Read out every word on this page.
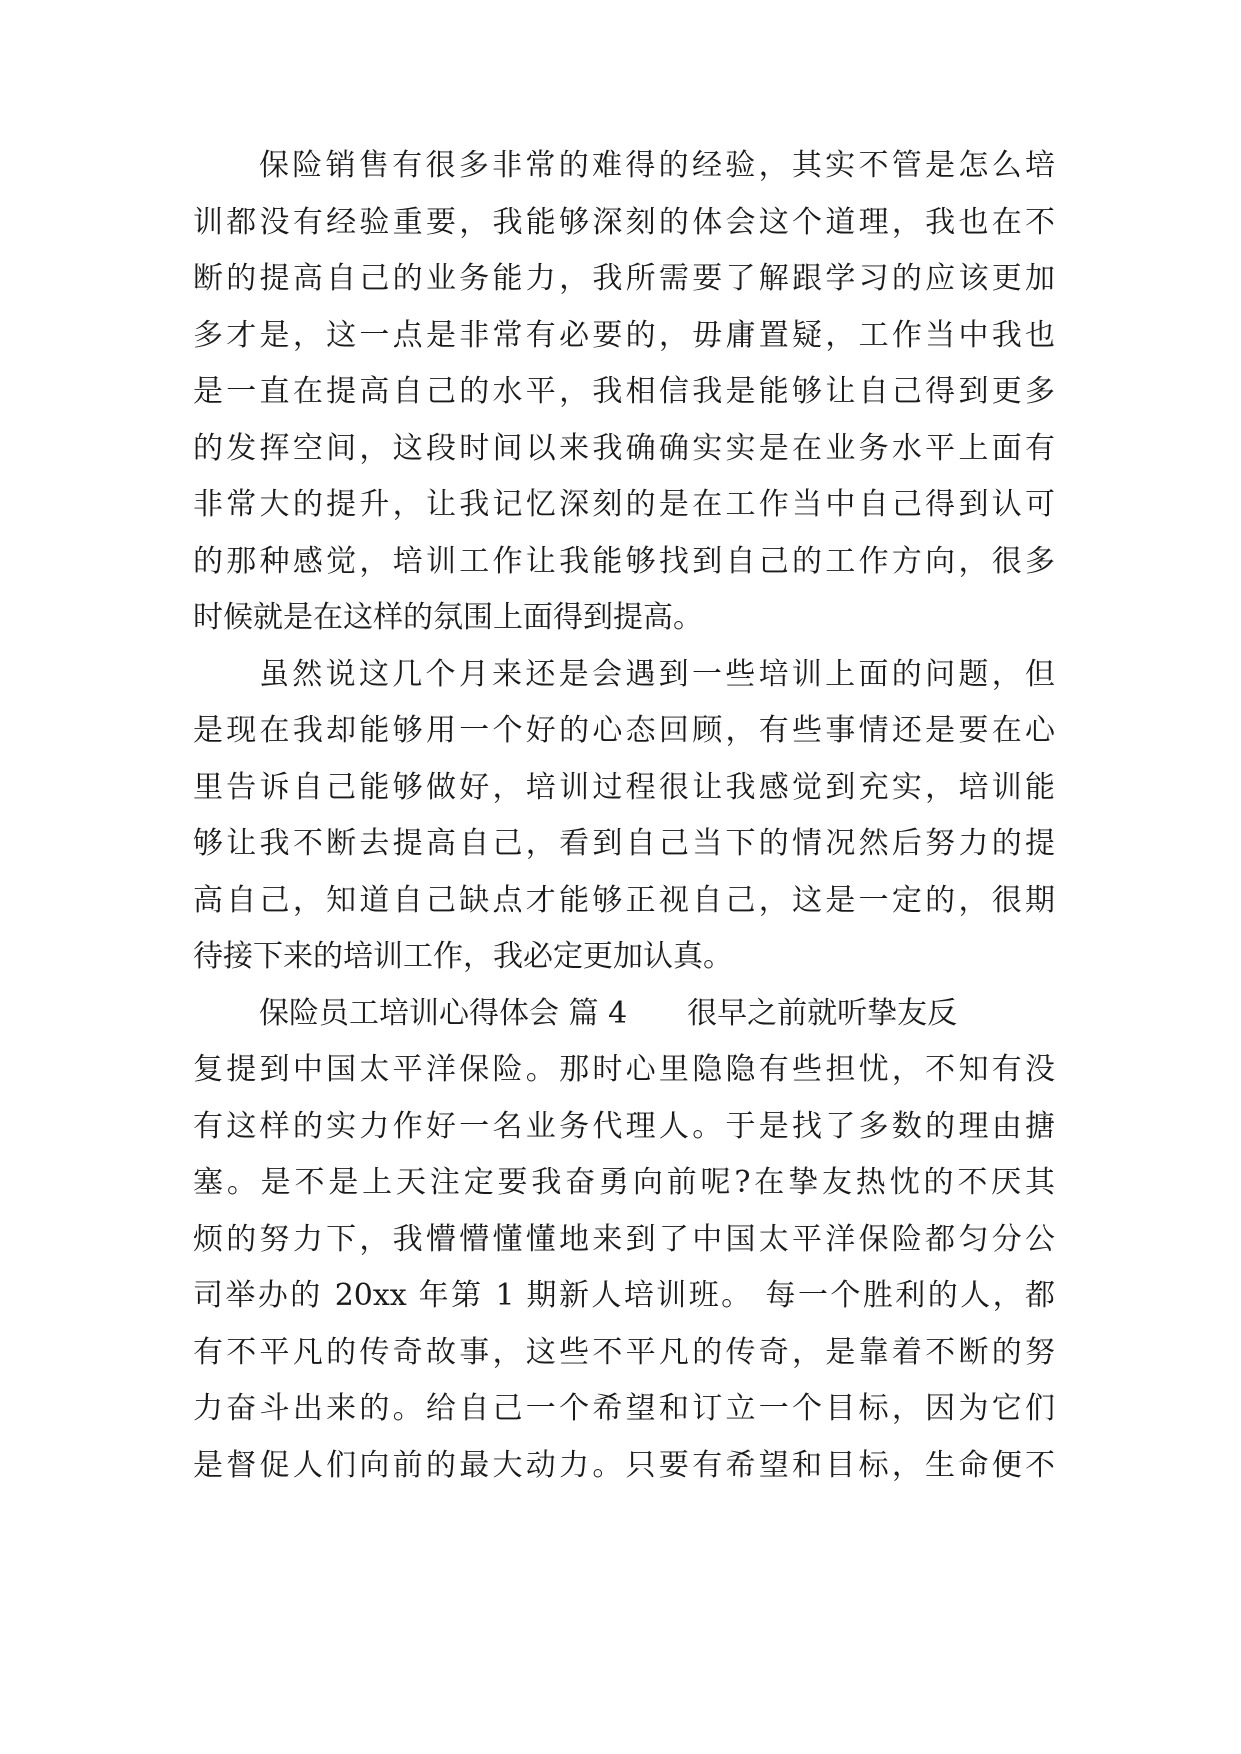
保险销售有很多非常的难得的经验，其实不管是怎么培
训都没有经验重要，我能够深刻的体会这个道理，我也在不
断的提高自己的业务能力，我所需要了解跟学习的应该更加
多才是，这一点是非常有必要的，毋庸置疑，工作当中我也
是一直在提高自己的水平，我相信我是能够让自己得到更多
的发挥空间，这段时间以来我确确实实是在业务水平上面有
非常大的提升，让我记忆深刻的是在工作当中自己得到认可
的那种感觉，培训工作让我能够找到自己的工作方向，很多
时候就是在这样的氛围上面得到提高。
虽然说这几个月来还是会遇到一些培训上面的问题，但
是现在我却能够用一个好的心态回顾，有些事情还是要在心
里告诉自己能够做好，培训过程很让我感觉到充实，培训能
够让我不断去提高自己，看到自己当下的情况然后努力的提
高自己，知道自己缺点才能够正视自己，这是一定的，很期
待接下来的培训工作，我必定更加认真。
保险员工培训心得体会 篇 4 很早之前就听挚友反
复提到中国太平洋保险。那时心里隐隐有些担忧，不知有没
有这样的实力作好一名业务代理人。于是找了多数的理由搪
塞。是不是上天注定要我奋勇向前呢?在挚友热忱的不厌其
烦的努力下，我懵懵懂懂地来到了中国太平洋保险都匀分公
司举办的 20xx 年第 1 期新人培训班。 每一个胜利的人，都
有不平凡的传奇故事，这些不平凡的传奇，是靠着不断的努
力奋斗出来的。给自己一个希望和订立一个目标，因为它们
是督促人们向前的最大动力。只要有希望和目标，生命便不
